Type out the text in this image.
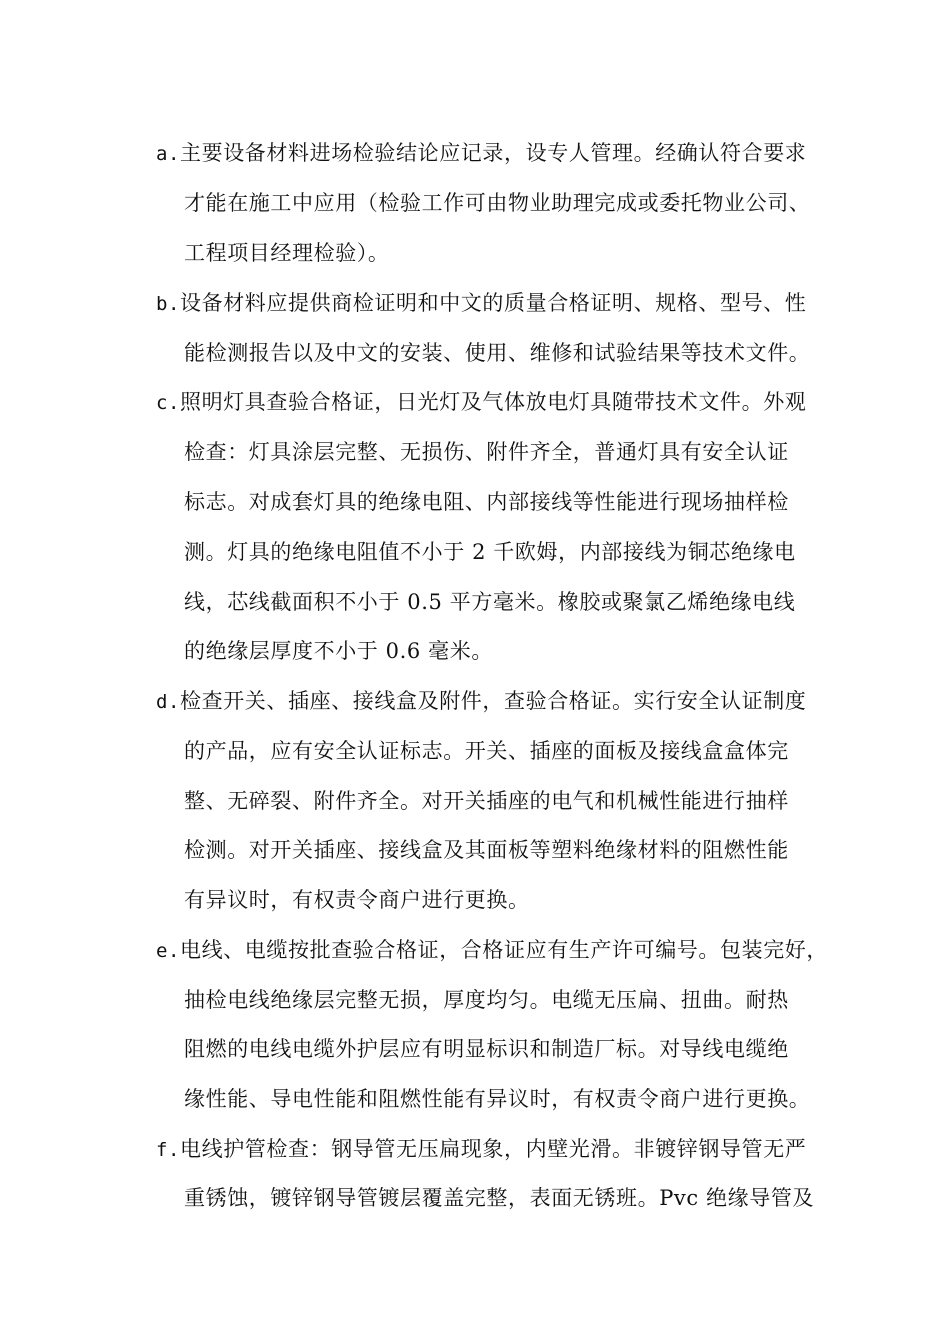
a.主要设备材料进场检验结论应记录，设专人管理。经确认符合要求
才能在施工中应用（检验工作可由物业助理完成或委托物业公司、
工程项目经理检验）。
b.设备材料应提供商检证明和中文的质量合格证明、规格、型号、性
能检测报告以及中文的安装、使用、维修和试验结果等技术文件。
c.照明灯具查验合格证，日光灯及气体放电灯具随带技术文件。外观
检查：灯具涂层完整、无损伤、附件齐全，普通灯具有安全认证
标志。对成套灯具的绝缘电阻、内部接线等性能进行现场抽样检
测。灯具的绝缘电阻值不小于 2 千欧姆，内部接线为铜芯绝缘电
线，芯线截面积不小于 0.5 平方毫米。橡胶或聚氯乙烯绝缘电线
的绝缘层厚度不小于 0.6 毫米。
d.检查开关、插座、接线盒及附件，查验合格证。实行安全认证制度
的产品，应有安全认证标志。开关、插座的面板及接线盒盒体完
整、无碎裂、附件齐全。对开关插座的电气和机械性能进行抽样
检测。对开关插座、接线盒及其面板等塑料绝缘材料的阻燃性能
有异议时，有权责令商户进行更换。
e.电线、电缆按批查验合格证，合格证应有生产许可编号。包装完好，
抽检电线绝缘层完整无损，厚度均匀。电缆无压扁、扭曲。耐热
阻燃的电线电缆外护层应有明显标识和制造厂标。对导线电缆绝
缘性能、导电性能和阻燃性能有异议时，有权责令商户进行更换。
f.电线护管检查：钢导管无压扁现象，内壁光滑。非镀锌钢导管无严
重锈蚀，镀锌钢导管镀层覆盖完整，表面无锈班。Pvc 绝缘导管及
